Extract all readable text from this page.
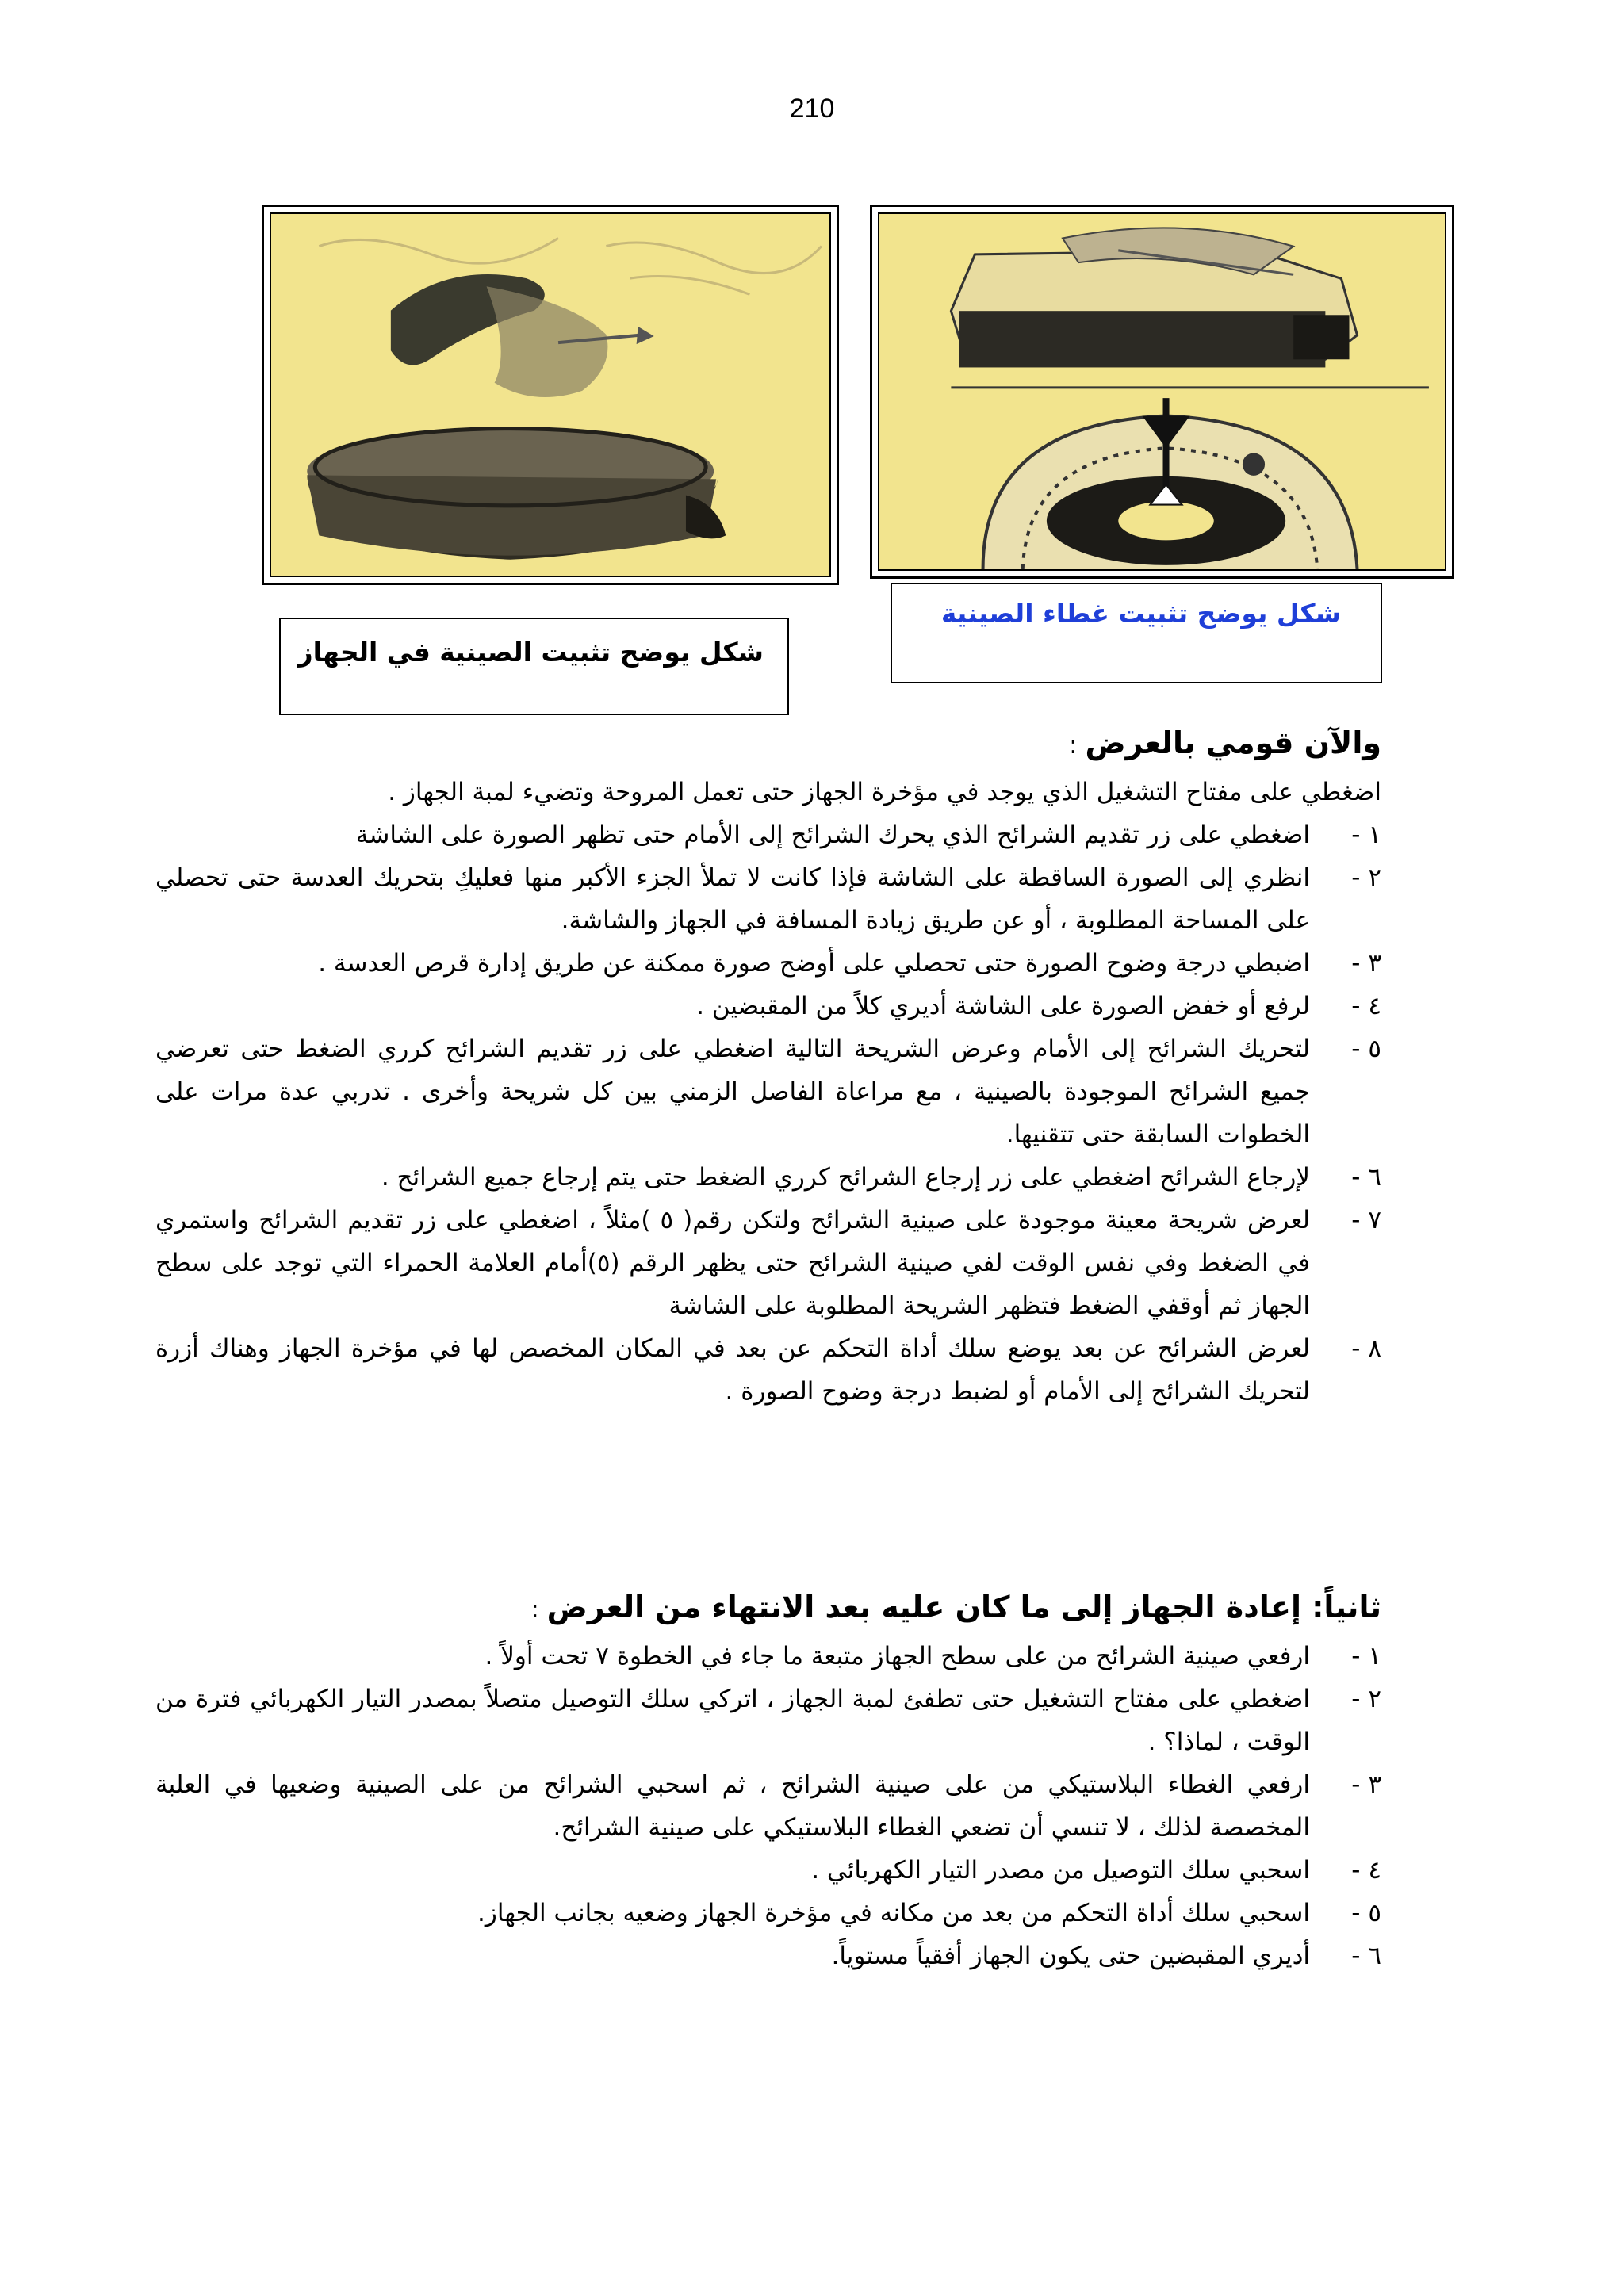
210
شكل يوضح تثبيت الصينية في الجهاز
شكل يوضح تثبيت غطاء الصينية
والآن قومي بالعرض :
اضغطي على مفتاح التشغيل الذي يوجد في مؤخرة الجهاز حتى تعمل المروحة وتضيء لمبة الجهاز .
١ -
اضغطي على زر تقديم الشرائح الذي يحرك الشرائح إلى الأمام حتى تظهر الصورة على الشاشة
٢ -
انظري إلى الصورة الساقطة على الشاشة فإذا كانت لا تملأ الجزء الأكبر منها فعليكِ بتحريك العدسة حتى تحصلي على المساحة المطلوبة ، أو عن طريق زيادة المسافة في الجهاز والشاشة.
٣ -
اضبطي درجة وضوح الصورة حتى تحصلي على أوضح صورة ممكنة عن طريق إدارة قرص العدسة .
٤ -
لرفع أو خفض الصورة على الشاشة أديري كلاً من المقبضين .
٥ -
لتحريك الشرائح إلى الأمام وعرض الشريحة التالية اضغطي على زر تقديم الشرائح كرري الضغط حتى تعرضي جميع الشرائح الموجودة بالصينية ، مع مراعاة الفاصل الزمني بين كل شريحة وأخرى . تدربي عدة مرات على الخطوات السابقة حتى تتقنيها.
٦ -
لإرجاع الشرائح اضغطي على زر إرجاع الشرائح كرري الضغط حتى يتم إرجاع جميع الشرائح .
٧ -
لعرض شريحة معينة موجودة على صينية الشرائح ولتكن رقم( ٥ )مثلاً ، اضغطي على زر تقديم الشرائح واستمري في الضغط وفي نفس الوقت لفي صينية الشرائح حتى يظهر الرقم (٥)أمام العلامة الحمراء التي توجد على سطح الجهاز ثم أوقفي الضغط فتظهر الشريحة المطلوبة على الشاشة
٨ -
لعرض الشرائح عن بعد يوضع سلك أداة التحكم عن بعد في المكان المخصص لها في مؤخرة الجهاز وهناك أزرة لتحريك الشرائح إلى الأمام أو لضبط درجة وضوح الصورة .
ثانياً: إعادة الجهاز إلى ما كان عليه بعد الانتهاء من العرض :
١ -
ارفعي صينية الشرائح من على سطح الجهاز متبعة ما جاء في الخطوة ٧ تحت أولاً .
٢ -
اضغطي على مفتاح التشغيل حتى تطفئ لمبة الجهاز ، اتركي سلك التوصيل متصلاً بمصدر التيار الكهربائي فترة من الوقت ، لماذا؟ .
٣ -
ارفعي الغطاء البلاستيكي من على صينية الشرائح ، ثم اسحبي الشرائح من على الصينية وضعيها في العلبة المخصصة لذلك ، لا تنسي أن تضعي الغطاء البلاستيكي على صينية الشرائح.
٤ -
اسحبي سلك التوصيل من مصدر التيار الكهربائي .
٥ -
اسحبي سلك أداة التحكم من بعد من مكانه في مؤخرة الجهاز وضعيه بجانب الجهاز.
٦ -
أديري المقبضين حتى يكون الجهاز أفقياً مستوياً.
